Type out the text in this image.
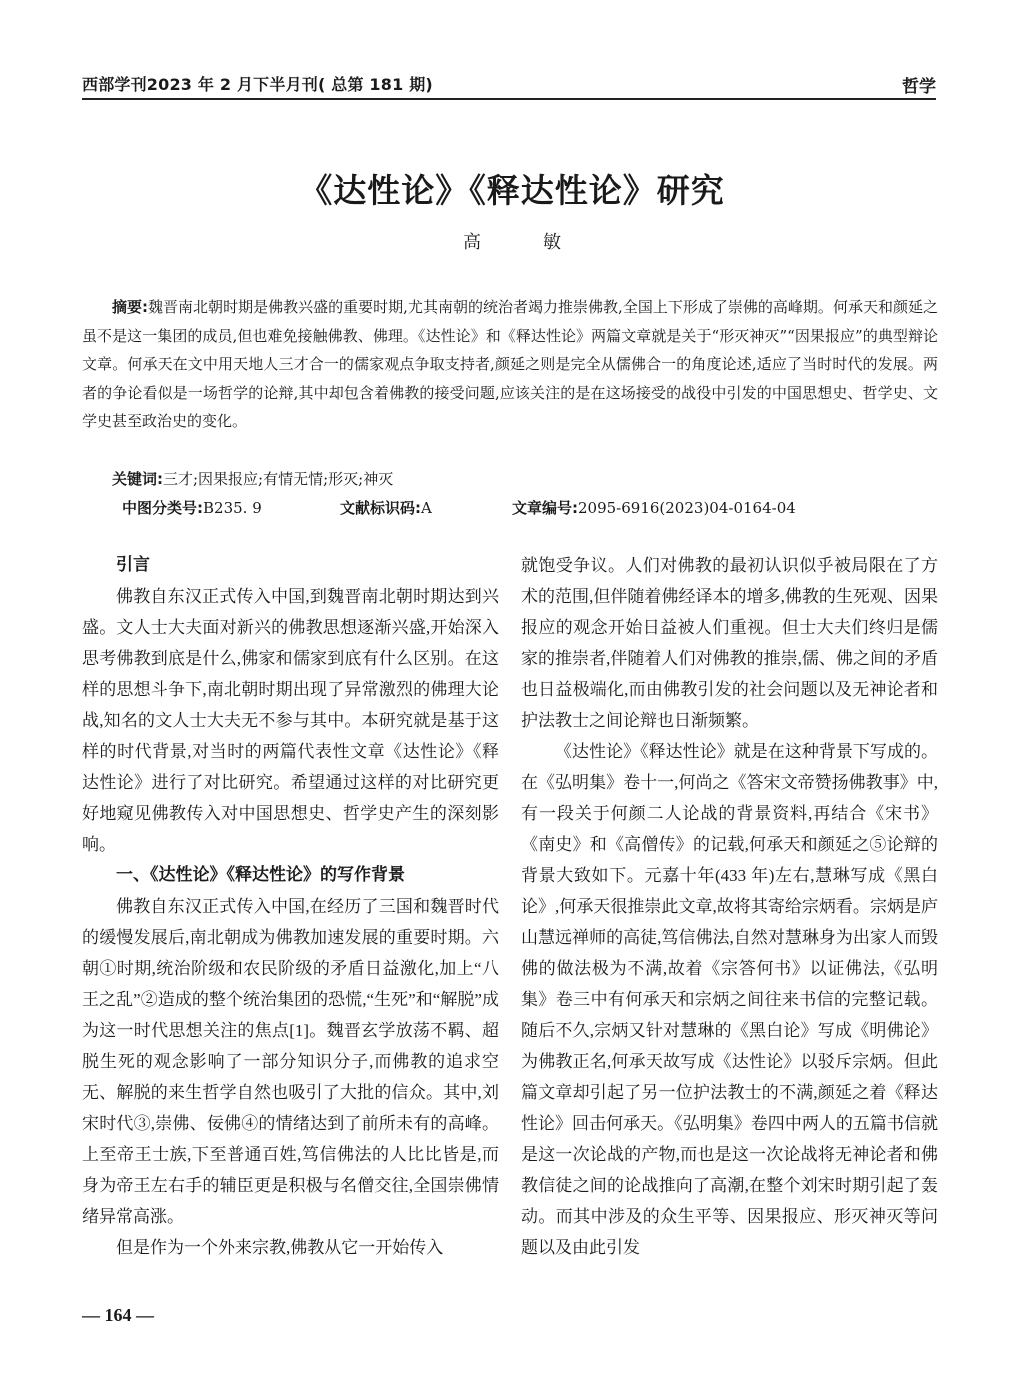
西部学刊2023 年 2 月下半月刊( 总第 181 期)	哲学
《达性论》《释达性论》研究
高　敏
摘要:魏晋南北朝时期是佛教兴盛的重要时期,尤其南朝的统治者竭力推崇佛教,全国上下形成了崇佛的高峰期。何承天和颜延之虽不是这一集团的成员,但也难免接触佛教、佛理。《达性论》和《释达性论》两篇文章就是关于“形灭神灭”“因果报应”的典型辩论文章。何承天在文中用天地人三才合一的儒家观点争取支持者,颜延之则是完全从儒佛合一的角度论述,适应了当时时代的发展。两者的争论看似是一场哲学的论辩,其中却包含着佛教的接受问题,应该关注的是在这场接受的战役中引发的中国思想史、哲学史、文学史甚至政治史的变化。
关键词:三才;因果报应;有情无情;形灭;神灭
中图分类号:B235. 9	文献标识码:A	文章编号:2095-6916(2023)04-0164-04
引言

佛教自东汉正式传入中国,到魏晋南北朝时期达到兴盛。文人士大夫面对新兴的佛教思想逐渐兴盛,开始深入思考佛教到底是什么,佛家和儒家到底有什么区别。在这样的思想斗争下,南北朝时期出现了异常激烈的佛理大论战,知名的文人士大夫无不参与其中。本研究就是基于这样的时代背景,对当时的两篇代表性文章《达性论》《释达性论》进行了对比研究。希望通过这样的对比研究更好地窥见佛教传入对中国思想史、哲学史产生的深刻影响。

一、《达性论》《释达性论》的写作背景

佛教自东汉正式传入中国,在经历了三国和魏晋时代的缓慢发展后,南北朝成为佛教加速发展的重要时期。六朝①时期,统治阶级和农民阶级的矛盾日益激化,加上“八王之乱”②造成的整个统治集团的恐慌,“生死”和“解脱”成为这一时代思想关注的焦点[1]。魏晋玄学放荡不羁、超脱生死的观念影响了一部分知识分子,而佛教的追求空无、解脱的来生哲学自然也吸引了大批的信众。其中,刘宋时代③,崇佛、佞佛④的情绪达到了前所未有的高峰。上至帝王士族,下至普通百姓,笃信佛法的人比比皆是,而身为帝王左右手的辅臣更是积极与名僧交往,全国崇佛情绪异常高涨。

但是作为一个外来宗教,佛教从它一开始传入

就饱受争议。人们对佛教的最初认识似乎被局限在了方术的范围,但伴随着佛经译本的增多,佛教的生死观、因果报应的观念开始日益被人们重视。但士大夫们终归是儒家的推崇者,伴随着人们对佛教的推崇,儒、佛之间的矛盾也日益极端化,而由佛教引发的社会问题以及无神论者和护法教士之间论辩也日渐频繁。

《达性论》《释达性论》就是在这种背景下写成的。在《弘明集》卷十一,何尚之《答宋文帝赞扬佛教事》中,有一段关于何颜二人论战的背景资料,再结合《宋书》《南史》和《高僧传》的记载,何承天和颜延之⑤论辩的背景大致如下。元嘉十年(433 年)左右,慧琳写成《黑白论》,何承天很推崇此文章,故将其寄给宗炳看。宗炳是庐山慧远禅师的高徒,笃信佛法,自然对慧琳身为出家人而毁佛的做法极为不满,故着《宗答何书》以证佛法,《弘明集》卷三中有何承天和宗炳之间往来书信的完整记载。随后不久,宗炳又针对慧琳的《黑白论》写成《明佛论》为佛教正名,何承天故写成《达性论》以驳斥宗炳。但此篇文章却引起了另一位护法教士的不满,颜延之着《释达性论》回击何承天。《弘明集》卷四中两人的五篇书信就是这一次论战的产物,而也是这一次论战将无神论者和佛教信徒之间的论战推向了高潮,在整个刘宋时期引起了轰动。而其中涉及的众生平等、因果报应、形灭神灭等问题以及由此引发

— 164 —
